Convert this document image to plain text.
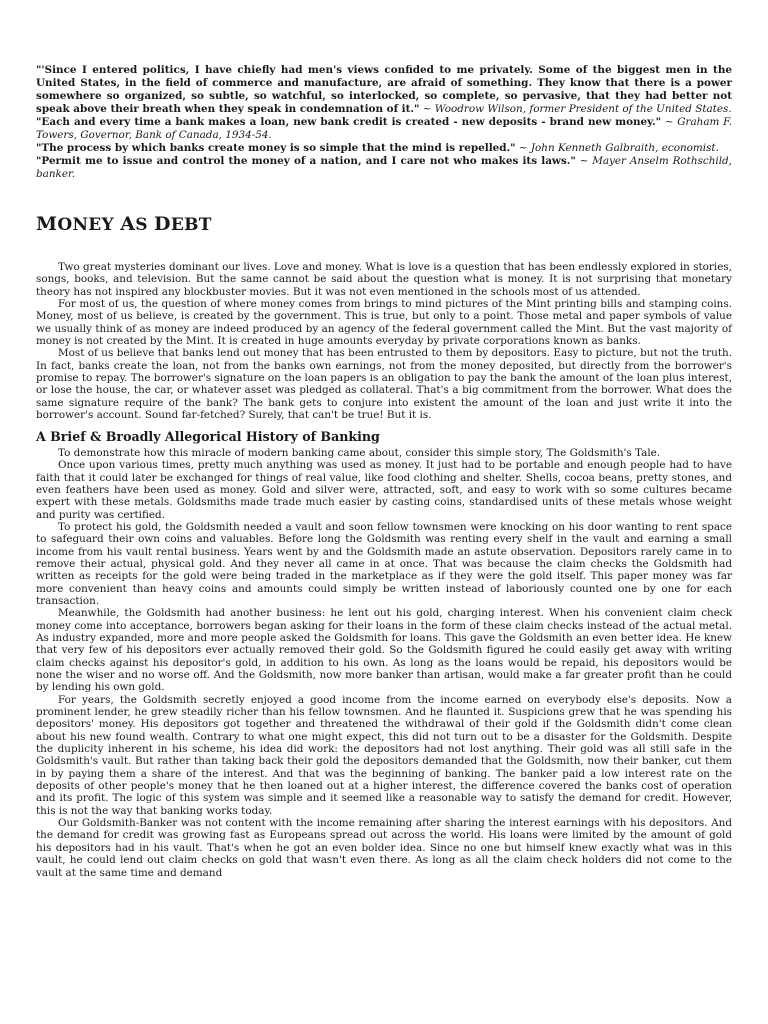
"'Since I entered politics, I have chiefly had men's views confided to me privately. Some of the biggest men in the United States, in the field of commerce and manufacture, are afraid of something. They know that there is a power somewhere so organized, so subtle, so watchful, so interlocked, so complete, so pervasive, that they had better not speak above their breath when they speak in condemnation of it." ~ Woodrow Wilson, former President of the United States.

"Each and every time a bank makes a loan, new bank credit is created - new deposits - brand new money." ~ Graham F. Towers, Governor, Bank of Canada, 1934-54.

"The process by which banks create money is so simple that the mind is repelled." ~ John Kenneth Galbraith, economist.

"Permit me to issue and control the money of a nation, and I care not who makes its laws." ~ Mayer Anselm Rothschild, banker.

MONEY AS DEBT

Two great mysteries dominant our lives. Love and money. What is love is a question that has been endlessly explored in stories, songs, books, and television. But the same cannot be said about the question what is money. It is not surprising that monetary theory has not inspired any blockbuster movies. But it was not even mentioned in the schools most of us attended.

For most of us, the question of where money comes from brings to mind pictures of the Mint printing bills and stamping coins. Money, most of us believe, is created by the government. This is true, but only to a point. Those metal and paper symbols of value we usually think of as money are indeed produced by an agency of the federal government called the Mint. But the vast majority of money is not created by the Mint. It is created in huge amounts everyday by private corporations known as banks.

Most of us believe that banks lend out money that has been entrusted to them by depositors. Easy to picture, but not the truth. In fact, banks create the loan, not from the banks own earnings, not from the money deposited, but directly from the borrower's promise to repay. The borrower's signature on the loan papers is an obligation to pay the bank the amount of the loan plus interest, or lose the house, the car, or whatever asset was pledged as collateral. That's a big commitment from the borrower. What does the same signature require of the bank? The bank gets to conjure into existent the amount of the loan and just write it into the borrower's account. Sound far-fetched? Surely, that can't be true! But it is.

A Brief & Broadly Allegorical History of Banking

To demonstrate how this miracle of modern banking came about, consider this simple story, The Goldsmith's Tale.

Once upon various times, pretty much anything was used as money. It just had to be portable and enough people had to have faith that it could later be exchanged for things of real value, like food clothing and shelter. Shells, cocoa beans, pretty stones, and even feathers have been used as money. Gold and silver were, attracted, soft, and easy to work with so some cultures became expert with these metals. Goldsmiths made trade much easier by casting coins, standardised units of these metals whose weight and purity was certified.

To protect his gold, the Goldsmith needed a vault and soon fellow townsmen were knocking on his door wanting to rent space to safeguard their own coins and valuables. Before long the Goldsmith was renting every shelf in the vault and earning a small income from his vault rental business. Years went by and the Goldsmith made an astute observation. Depositors rarely came in to remove their actual, physical gold. And they never all came in at once. That was because the claim checks the Goldsmith had written as receipts for the gold were being traded in the marketplace as if they were the gold itself. This paper money was far more convenient than heavy coins and amounts could simply be written instead of laboriously counted one by one for each transaction.

Meanwhile, the Goldsmith had another business: he lent out his gold, charging interest. When his convenient claim check money come into acceptance, borrowers began asking for their loans in the form of these claim checks instead of the actual metal. As industry expanded, more and more people asked the Goldsmith for loans. This gave the Goldsmith an even better idea. He knew that very few of his depositors ever actually removed their gold. So the Goldsmith figured he could easily get away with writing claim checks against his depositor's gold, in addition to his own. As long as the loans would be repaid, his depositors would be none the wiser and no worse off. And the Goldsmith, now more banker than artisan, would make a far greater profit than he could by lending his own gold.

For years, the Goldsmith secretly enjoyed a good income from the income earned on everybody else's deposits. Now a prominent lender, he grew steadily richer than his fellow townsmen. And he flaunted it. Suspicions grew that he was spending his depositors' money. His depositors got together and threatened the withdrawal of their gold if the Goldsmith didn't come clean about his new found wealth. Contrary to what one might expect, this did not turn out to be a disaster for the Goldsmith. Despite the duplicity inherent in his scheme, his idea did work: the depositors had not lost anything. Their gold was all still safe in the Goldsmith's vault. But rather than taking back their gold the depositors demanded that the Goldsmith, now their banker, cut them in by paying them a share of the interest. And that was the beginning of banking. The banker paid a low interest rate on the deposits of other people's money that he then loaned out at a higher interest, the difference covered the banks cost of operation and its profit. The logic of this system was simple and it seemed like a reasonable way to satisfy the demand for credit. However, this is not the way that banking works today.

Our Goldsmith-Banker was not content with the income remaining after sharing the interest earnings with his depositors. And the demand for credit was growing fast as Europeans spread out across the world. His loans were limited by the amount of gold his depositors had in his vault. That's when he got an even bolder idea. Since no one but himself knew exactly what was in this vault, he could lend out claim checks on gold that wasn't even there. As long as all the claim check holders did not come to the vault at the same time and demand
